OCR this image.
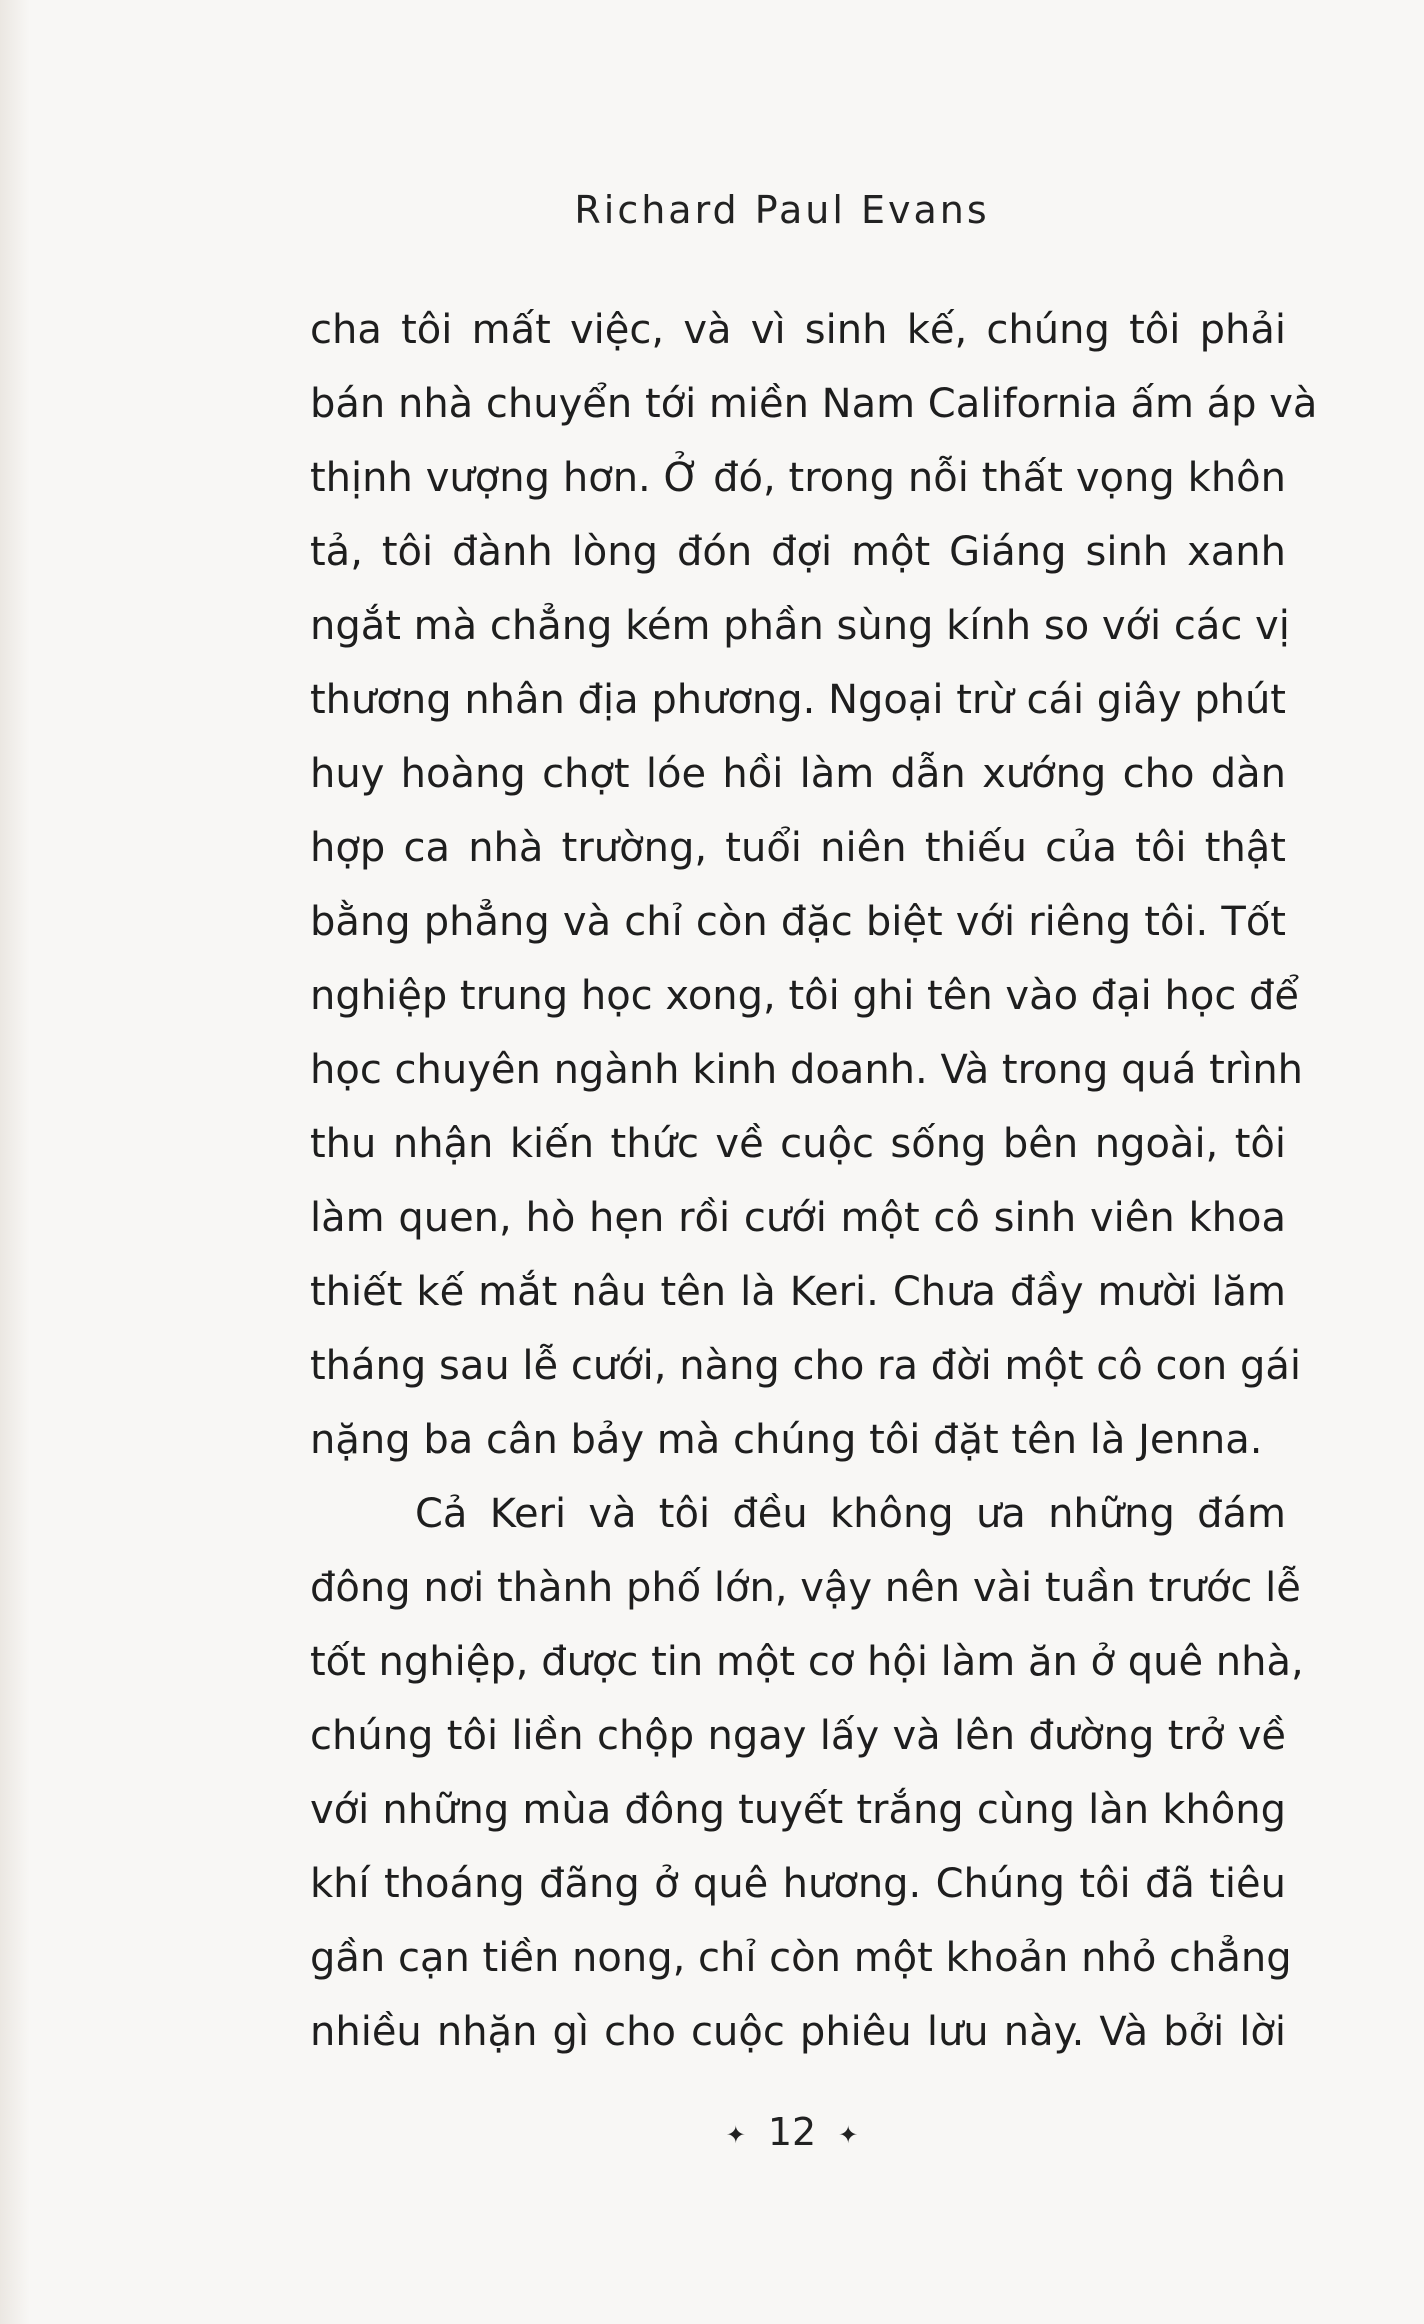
Richard Paul Evans
cha tôi mất việc, và vì sinh kế, chúng tôi phải
bán nhà chuyển tới miền Nam California ấm áp và
thịnh vượng hơn. Ở đó, trong nỗi thất vọng khôn
tả, tôi đành lòng đón đợi một Giáng sinh xanh
ngắt mà chẳng kém phần sùng kính so với các vị
thương nhân địa phương. Ngoại trừ cái giây phút
huy hoàng chợt lóe hồi làm dẫn xướng cho dàn
hợp ca nhà trường, tuổi niên thiếu của tôi thật
bằng phẳng và chỉ còn đặc biệt với riêng tôi. Tốt
nghiệp trung học xong, tôi ghi tên vào đại học để
học chuyên ngành kinh doanh. Và trong quá trình
thu nhận kiến thức về cuộc sống bên ngoài, tôi
làm quen, hò hẹn rồi cưới một cô sinh viên khoa
thiết kế mắt nâu tên là Keri. Chưa đầy mười lăm
tháng sau lễ cưới, nàng cho ra đời một cô con gái
nặng ba cân bảy mà chúng tôi đặt tên là Jenna.
Cả Keri và tôi đều không ưa những đám
đông nơi thành phố lớn, vậy nên vài tuần trước lễ
tốt nghiệp, được tin một cơ hội làm ăn ở quê nhà,
chúng tôi liền chộp ngay lấy và lên đường trở về
với những mùa đông tuyết trắng cùng làn không
khí thoáng đãng ở quê hương. Chúng tôi đã tiêu
gần cạn tiền nong, chỉ còn một khoản nhỏ chẳng
nhiều nhặn gì cho cuộc phiêu lưu này. Và bởi lời
✦ 12 ✦
